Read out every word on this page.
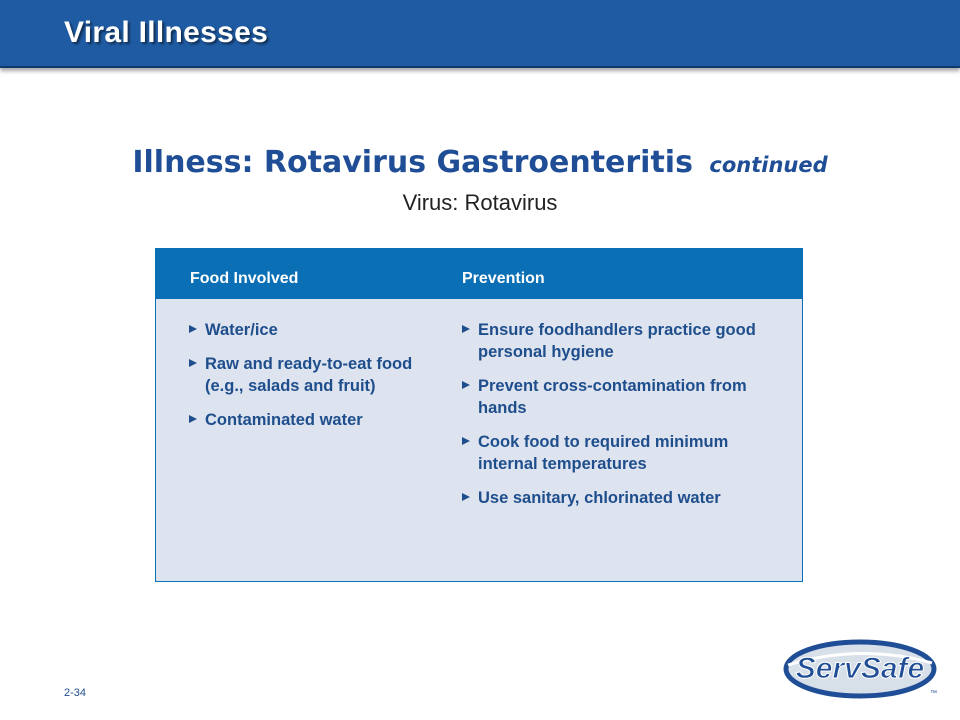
Viral Illnesses
Illness: Rotavirus Gastroenteritis continued
Virus: Rotavirus
Food Involved	Prevention
Water/ice
Raw and ready-to-eat food (e.g., salads and fruit)
Contaminated water
Ensure foodhandlers practice good personal hygiene
Prevent cross-contamination from hands
Cook food to required minimum internal temperatures
Use sanitary, chlorinated water
2-34
ServSafe
™
